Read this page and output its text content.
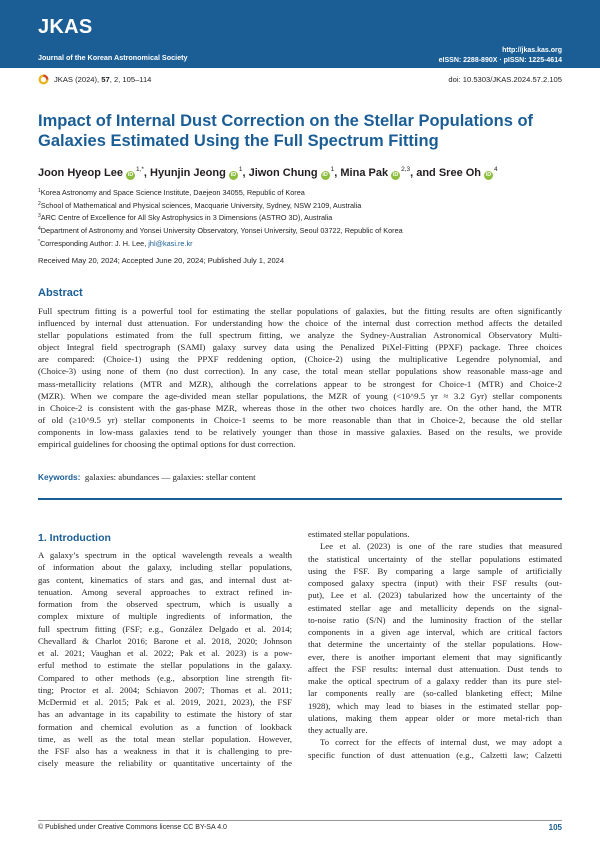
JKAS
Journal of the Korean Astronomical Society
http://jkas.kas.org
eISSN: 2288-890X · pISSN: 1225-4614
JKAS (2024), 57, 2, 105–114	doi: 10.5303/JKAS.2024.57.2.105
Impact of Internal Dust Correction on the Stellar Populations of
Galaxies Estimated Using the Full Spectrum Fitting
Joon Hyeop Lee $iD^{1,*}$, Hyunjin Jeong $iD^1$, Jiwon Chung $iD^1$, Mina Pak iD$^{2,3}$, and Sree Oh $iD^4$
$^1$Korea Astronomy and Space Science Institute, Daejeon 34055, Republic of Korea
$^2$School of Mathematical and Physical sciences, Macquarie University, Sydney, NSW 2109, Australia
$^3$ARC Centre of Excellence for All Sky Astrophysics in 3 Dimensions (ASTRO 3D), Australia
$^4$Department of Astronomy and Yonsei University Observatory, Yonsei University, Seoul 03722, Republic of Korea
*Corresponding Author: J. H. Lee, jhl@kasi.re.kr
Received May 20, 2024; Accepted June 20, 2024; Published July 1, 2024
Abstract
Full spectrum fitting is a powerful tool for estimating the stellar populations of galaxies, but the fitting results are often significantly
influenced by internal dust attenuation. For understanding how the choice of the internal dust correction method affects the detailed
stellar populations estimated from the full spectrum fitting, we analyze the Sydney-Australian Astronomical Observatory Multi-
object Integral field spectrograph (SAMI) galaxy survey data using the Penalized PiXel-Fitting (PPXF) package. Three choices
are compared: (Choice-1) using the PPXF reddening option, (Choice-2) using the multiplicative Legendre polynomial, and
(Choice-3) using none of them (no dust correction). In any case, the total mean stellar populations show reasonable mass-age and
mass-metallicity relations (MTR and MZR), although the correlations appear to be strongest for Choice-1 (MTR) and Choice-2
(MZR). When we compare the age-divided mean stellar populations, the MZR of young (<10^9.5 yr ≈ 3.2 Gyr) stellar components
in Choice-2 is consistent with the gas-phase MZR, whereas those in the other two choices hardly are. On the other hand, the MTR
of old (≥10^9.5 yr) stellar components in Choice-1 seems to be more reasonable than that in Choice-2, because the old stellar
components in low-mass galaxies tend to be relatively younger than those in massive galaxies. Based on the results, we provide
empirical guidelines for choosing the optimal options for dust correction.
Keywords: galaxies: abundances — galaxies: stellar content
1. Introduction
A galaxy’s spectrum in the optical wavelength reveals a wealth
of information about the galaxy, including stellar populations,
gas content, kinematics of stars and gas, and internal dust at-
tenuation. Among several approaches to extract refined in-
formation from the observed spectrum, which is usually a
complex mixture of multiple ingredients of information, the
full spectrum fitting (FSF; e.g., González Delgado et al. 2014;
Chevallard & Charlot 2016; Barone et al. 2018, 2020; Johnson
et al. 2021; Vaughan et al. 2022; Pak et al. 2023) is a pow-
erful method to estimate the stellar populations in the galaxy.
Compared to other methods (e.g., absorption line strength fit-
ting; Proctor et al. 2004; Schiavon 2007; Thomas et al. 2011;
McDermid et al. 2015; Pak et al. 2019, 2021, 2023), the FSF
has an advantage in its capability to estimate the history of star
formation and chemical evolution as a function of lookback
time, as well as the total mean stellar population. However,
the FSF also has a weakness in that it is challenging to pre-
cisely measure the reliability or quantitative uncertainty of the
estimated stellar populations.
Lee et al. (2023) is one of the rare studies that measured
the statistical uncertainty of the stellar populations estimated
using the FSF. By comparing a large sample of artificially
composed galaxy spectra (input) with their FSF results (out-
put), Lee et al. (2023) tabularized how the uncertainty of the
estimated stellar age and metallicity depends on the signal-
to-noise ratio (S/N) and the luminosity fraction of the stellar
components in a given age interval, which are critical factors
that determine the uncertainty of the stellar populations. How-
ever, there is another important element that may significantly
affect the FSF results: internal dust attenuation. Dust tends to
make the optical spectrum of a galaxy redder than its pure stel-
lar components really are (so-called blanketing effect; Milne
1928), which may lead to biases in the estimated stellar pop-
ulations, making them appear older or more metal-rich than
they actually are.
To correct for the effects of internal dust, we may adopt a
specific function of dust attenuation (e.g., Calzetti law; Calzetti
© Published under Creative Commons license CC BY-SA 4.0	105
